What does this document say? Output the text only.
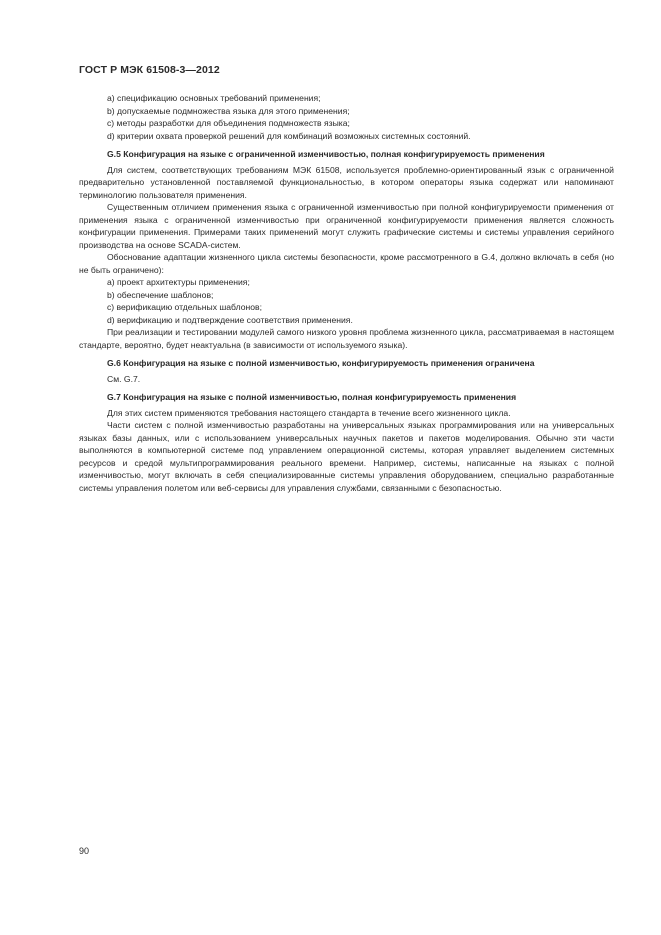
ГОСТ Р МЭК 61508-3—2012
a) спецификацию основных требований применения;
b) допускаемые подмножества языка для этого применения;
c) методы разработки для объединения подмножеств языка;
d) критерии охвата проверкой решений для комбинаций возможных системных состояний.
G.5 Конфигурация на языке с ограниченной изменчивостью, полная конфигурируемость применения
Для систем, соответствующих требованиям МЭК 61508, используется проблемно-ориентированный язык с ограниченной предварительно установленной поставляемой функциональностью, в котором операторы языка содержат или напоминают терминологию пользователя применения.
Существенным отличием применения языка с ограниченной изменчивостью при полной конфигурируемости применения от применения языка с ограниченной изменчивостью при ограниченной конфигурируемости применения является сложность конфигурации применения. Примерами таких применений могут служить графические системы и системы управления серийного производства на основе SCADA-систем.
Обоснование адаптации жизненного цикла системы безопасности, кроме рассмотренного в G.4, должно включать в себя (но не быть ограничено):
a) проект архитектуры применения;
b) обеспечение шаблонов;
c) верификацию отдельных шаблонов;
d) верификацию и подтверждение соответствия применения.
При реализации и тестировании модулей самого низкого уровня проблема жизненного цикла, рассматриваемая в настоящем стандарте, вероятно, будет неактуальна (в зависимости от используемого языка).
G.6 Конфигурация на языке с полной изменчивостью, конфигурируемость применения ограничена
См. G.7.
G.7 Конфигурация на языке с полной изменчивостью, полная конфигурируемость применения
Для этих систем применяются требования настоящего стандарта в течение всего жизненного цикла.
Части систем с полной изменчивостью разработаны на универсальных языках программирования или на универсальных языках базы данных, или с использованием универсальных научных пакетов и пакетов моделирования. Обычно эти части выполняются в компьютерной системе под управлением операционной системы, которая управляет выделением системных ресурсов и средой мультипрограммирования реального времени. Например, системы, написанные на языках с полной изменчивостью, могут включать в себя специализированные системы управления оборудованием, специально разработанные системы управления полетом или веб-сервисы для управления службами, связанными с безопасностью.
90
